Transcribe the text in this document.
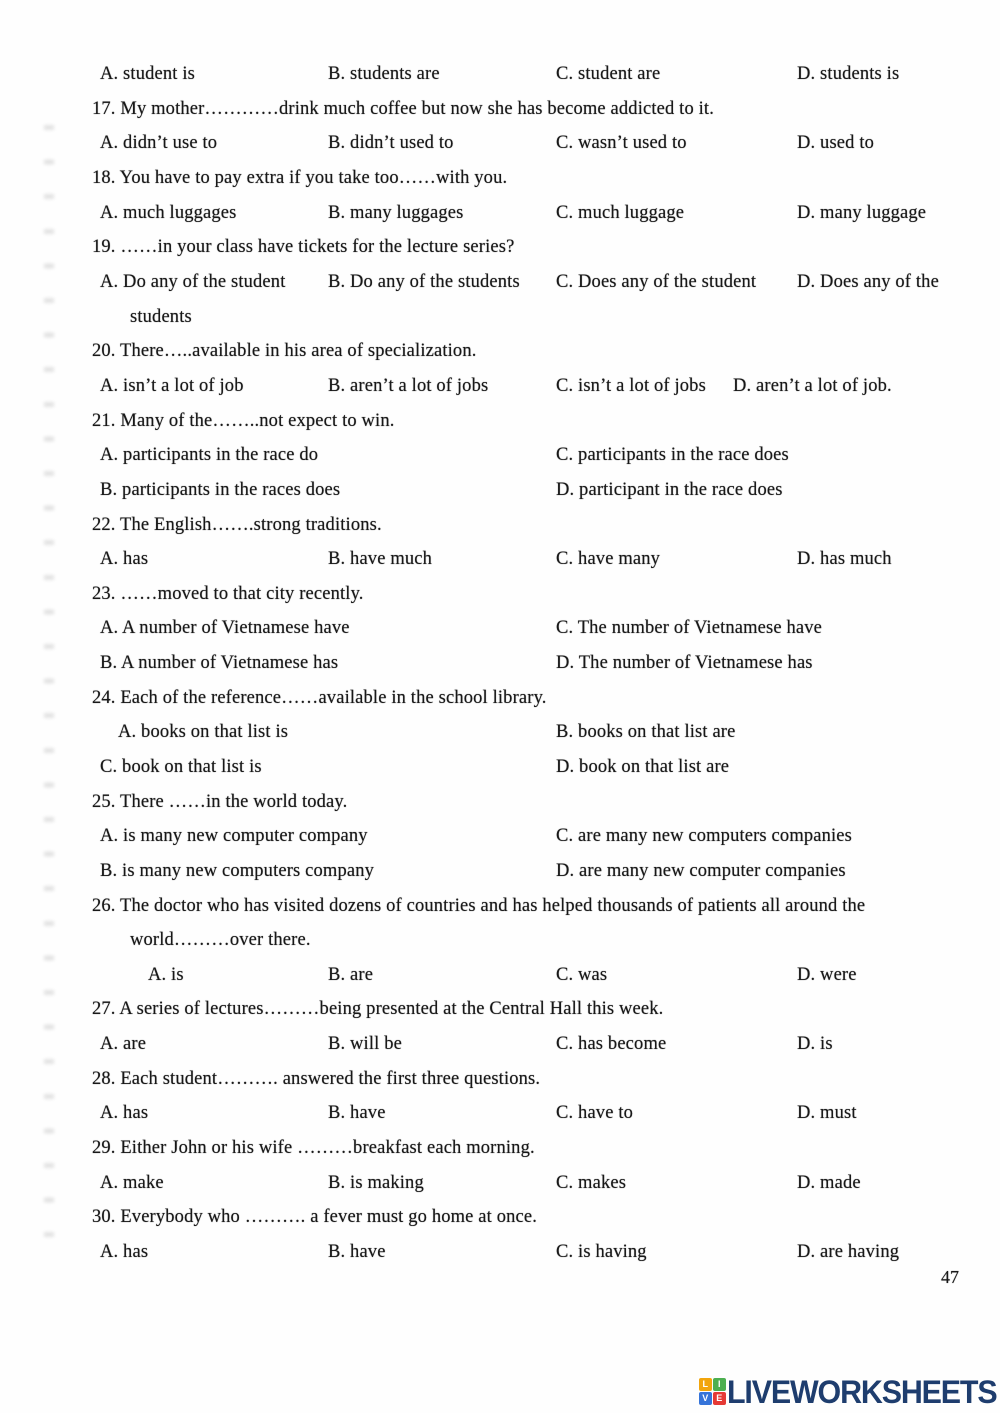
A. student is	B. students are	C. student are	D. students is
17. My mother…………drink much coffee but now she has become addicted to it.
A. didn’t use to	B. didn’t used to	C. wasn’t used to	D. used to
18. You have to pay extra if you take too……with you.
A. much luggages	B. many luggages	C. much luggage	D. many luggage
19. ……in your class have tickets for the lecture series?
A. Do any of the student B. Do any of the students C. Does any of the student D. Does any of the
students
20. There…..available in his area of specialization.
A. isn’t a lot of job	B. aren’t a lot of jobs	C. isn’t a lot of jobs D. aren’t a lot of job.
21. Many of the……..not expect to win.
A. participants in the race do	C. participants in the race does
B. participants in the races does	D. participant in the race does
22. The English…….strong traditions.
A. has	B. have much	C. have many	D. has much
23. ……moved to that city recently.
A. A number of Vietnamese have	C. The number of Vietnamese have
B. A number of Vietnamese has	D. The number of Vietnamese has
24. Each of the reference……available in the school library.
A. books on that list is	B. books on that list are
C. book on that list is	D. book on that list are
25. There ……in the world today.
A. is many new computer company	C. are many new computers companies
B. is many new computers company	D. are many new computer companies
26. The doctor who has visited dozens of countries and has helped thousands of patients all around the
world………over there.
A. is	B. are	C. was	D. were
27. A series of lectures………being presented at the Central Hall this week.
A. are	B. will be	C. has become	D. is
28. Each student………. answered the first three questions.
A. has	B. have	C. have to	D. must
29. Either John or his wife ………breakfast each morning.
A. make	B. is making	C. makes	D. made
30. Everybody who ………. a fever must go home at once.
A. has	B. have	C. is having	D. are having
47
L	I
V E LIVEWORKSHEETS
